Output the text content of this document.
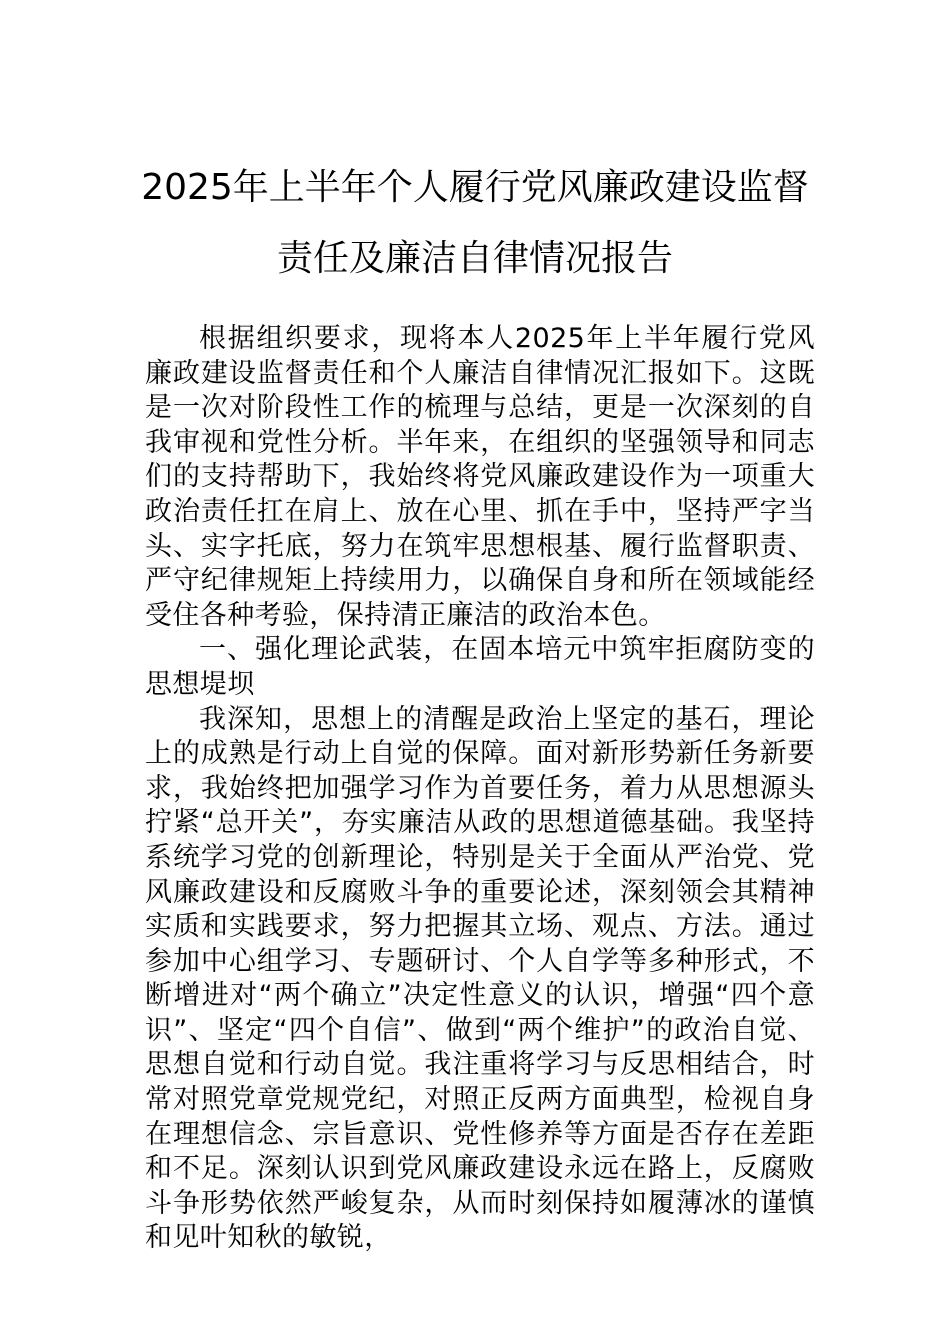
2025年上半年个人履行党风廉政建设监督
责任及廉洁自律情况报告

根据组织要求，现将本人2025年上半年履行党风廉政建设监督责任和个人廉洁自律情况汇报如下。这既是一次对阶段性工作的梳理与总结，更是一次深刻的自我审视和党性分析。半年来，在组织的坚强领导和同志们的支持帮助下，我始终将党风廉政建设作为一项重大政治责任扛在肩上、放在心里、抓在手中，坚持严字当头、实字托底，努力在筑牢思想根基、履行监督职责、严守纪律规矩上持续用力，以确保自身和所在领域能经受住各种考验，保持清正廉洁的政治本色。

一、强化理论武装，在固本培元中筑牢拒腐防变的思想堤坝

我深知，思想上的清醒是政治上坚定的基石，理论上的成熟是行动上自觉的保障。面对新形势新任务新要求，我始终把加强学习作为首要任务，着力从思想源头拧紧“总开关”，夯实廉洁从政的思想道德基础。我坚持系统学习党的创新理论，特别是关于全面从严治党、党风廉政建设和反腐败斗争的重要论述，深刻领会其精神实质和实践要求，努力把握其立场、观点、方法。通过参加中心组学习、专题研讨、个人自学等多种形式，不断增进对“两个确立”决定性意义的认识，增强“四个意识”、坚定“四个自信”、做到“两个维护”的政治自觉、思想自觉和行动自觉。我注重将学习与反思相结合，时常对照党章党规党纪，对照正反两方面典型，检视自身在理想信念、宗旨意识、党性修养等方面是否存在差距和不足。深刻认识到党风廉政建设永远在路上，反腐败斗争形势依然严峻复杂，从而时刻保持如履薄冰的谨慎和见叶知秋的敏锐，
